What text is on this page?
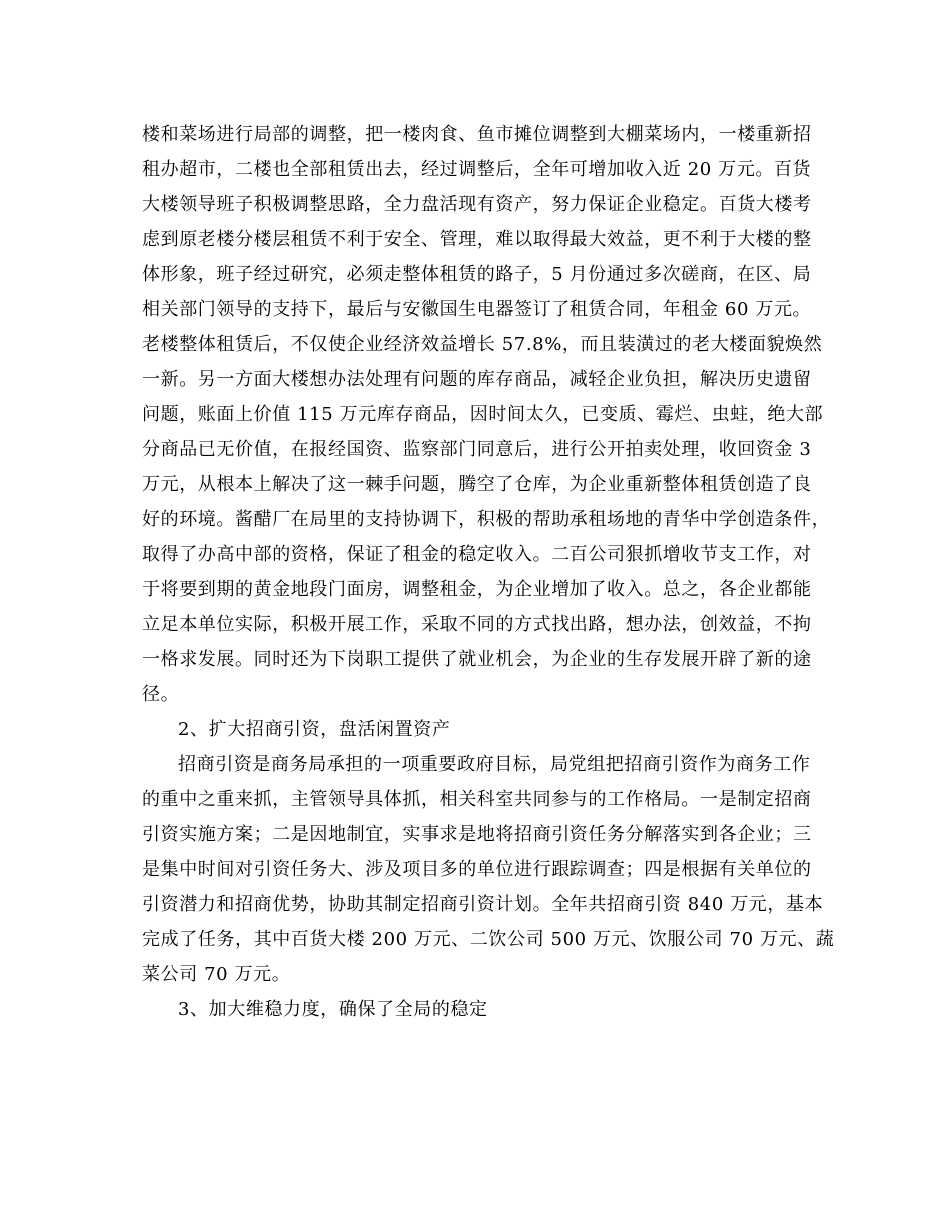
楼和菜场进行局部的调整，把一楼肉食、鱼市摊位调整到大棚菜场内，一楼重新招
租办超市，二楼也全部租赁出去，经过调整后，全年可增加收入近 20 万元。百货
大楼领导班子积极调整思路，全力盘活现有资产，努力保证企业稳定。百货大楼考
虑到原老楼分楼层租赁不利于安全、管理，难以取得最大效益，更不利于大楼的整
体形象，班子经过研究，必须走整体租赁的路子，5 月份通过多次磋商，在区、局
相关部门领导的支持下，最后与安徽国生电器签订了租赁合同，年租金 60 万元。
老楼整体租赁后，不仅使企业经济效益增长 57.8%，而且装潢过的老大楼面貌焕然
一新。另一方面大楼想办法处理有问题的库存商品，减轻企业负担，解决历史遗留
问题，账面上价值 115 万元库存商品，因时间太久，已变质、霉烂、虫蛀，绝大部
分商品已无价值，在报经国资、监察部门同意后，进行公开拍卖处理，收回资金 3
万元，从根本上解决了这一棘手问题，腾空了仓库，为企业重新整体租赁创造了良
好的环境。酱醋厂在局里的支持协调下，积极的帮助承租场地的青华中学创造条件，
取得了办高中部的资格，保证了租金的稳定收入。二百公司狠抓增收节支工作，对
于将要到期的黄金地段门面房，调整租金，为企业增加了收入。总之，各企业都能
立足本单位实际，积极开展工作，采取不同的方式找出路，想办法，创效益，不拘
一格求发展。同时还为下岗职工提供了就业机会，为企业的生存发展开辟了新的途
径。
2、扩大招商引资，盘活闲置资产
招商引资是商务局承担的一项重要政府目标，局党组把招商引资作为商务工作
的重中之重来抓，主管领导具体抓，相关科室共同参与的工作格局。一是制定招商
引资实施方案；二是因地制宜，实事求是地将招商引资任务分解落实到各企业；三
是集中时间对引资任务大、涉及项目多的单位进行跟踪调查；四是根据有关单位的
引资潜力和招商优势，协助其制定招商引资计划。全年共招商引资 840 万元，基本
完成了任务，其中百货大楼 200 万元、二饮公司 500 万元、饮服公司 70 万元、蔬
菜公司 70 万元。
3、加大维稳力度，确保了全局的稳定
